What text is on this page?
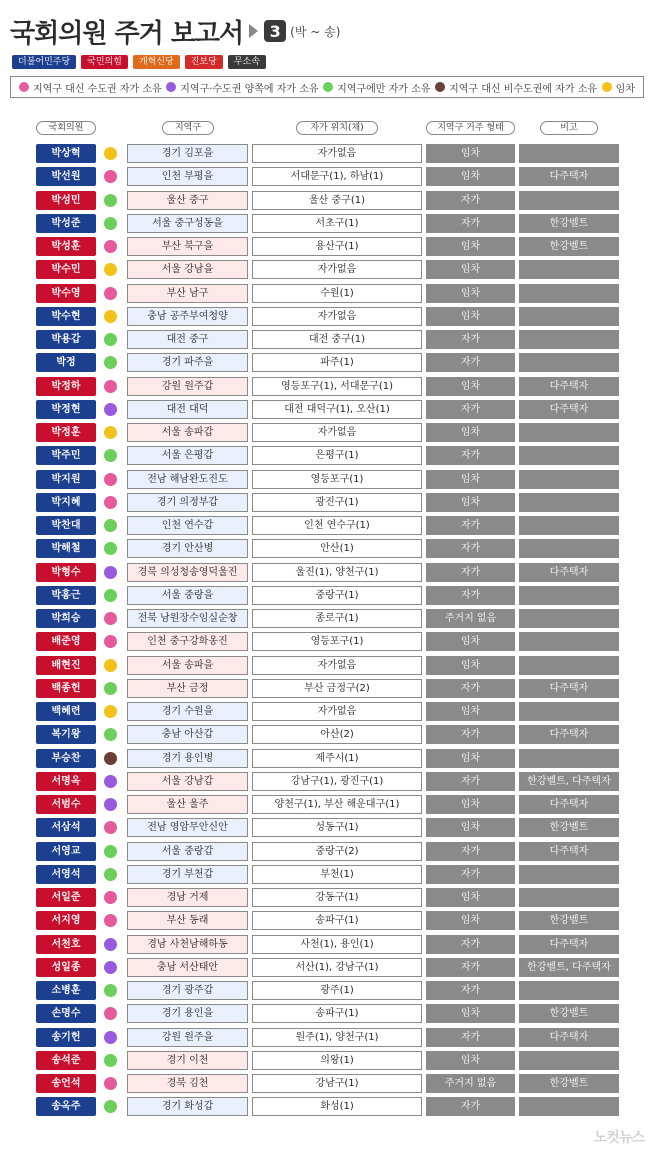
국회의원 주거 보고서	3 (박 ~ 송)
더불어민주당	국민의힘	개혁신당	진보당	무소속
지역구 대신 수도권 자가 소유 지역구·수도권 양쪽에 자가 소유 지역구에만 자가 소유 지역구 대신 비수도권에 자가 소유 임차
국회의원	지역구	자가 위치(채)	지역구 거주 형태	비고
박상혁	경기 김포을	자가없음	임차
박선원	인천 부평을	서대문구(1), 하남(1)	임차	다주택자
박성민	울산 중구	울산 중구(1)	자가
박성준	서울 중구성동을	서초구(1)	자가	한강벨트
박성훈	부산 북구을	용산구(1)	임차	한강벨트
박수민	서울 강남을	자가없음	임차
박수영	부산 남구	수원(1)	임차
박수현	충남 공주부여청양	자가없음	임차
박용갑	대전 중구	대전 중구(1)	자가
박정	경기 파주을	파주(1)	자가
박정하	강원 원주갑	영등포구(1), 서대문구(1)	임차	다주택자
박정현	대전 대덕	대전 대덕구(1), 오산(1)	자가	다주택자
박정훈	서울 송파갑	자가없음	임차
박주민	서울 은평갑	은평구(1)	자가
박지원	전남 해남완도진도	영등포구(1)	임차
박지혜	경기 의정부갑	광진구(1)	임차
박찬대	인천 연수갑	인천 연수구(1)	자가
박해철	경기 안산병	안산(1)	자가
박형수	경북 의성청송영덕울진	울진(1), 양천구(1)	자가	다주택자
박홍근	서울 중랑을	중랑구(1)	자가
박희승	전북 남원장수임실순창	종로구(1)	주거지 없음
배준영	인천 중구강화옹진	영등포구(1)	임차
배현진	서울 송파을	자가없음	임차
백종헌	부산 금정	부산 금정구(2)	자가	다주택자
백혜련	경기 수원을	자가없음	임차
복기왕	충남 아산갑	아산(2)	자가	다주택자
부승찬	경기 용인병	제주시(1)	임차
서명옥	서울 강남갑	강남구(1), 광진구(1)	자가	한강벨트, 다주택자
서범수	울산 울주	양천구(1), 부산 해운대구(1)	임차	다주택자
서삼석	전남 영암무안신안	성동구(1)	임차	한강벨트
서영교	서울 중랑갑	중랑구(2)	자가	다주택자
서영석	경기 부천갑	부천(1)	자가
서일준	경남 거제	강동구(1)	임차
서지영	부산 동래	송파구(1)	임차	한강벨트
서천호	경남 사천남해하동	사천(1), 용인(1)	자가	다주택자
성일종	충남 서산태안	서산(1), 강남구(1)	자가	한강벨트, 다주택자
소병훈	경기 광주갑	광주(1)	자가
손명수	경기 용인을	송파구(1)	임차	한강벨트
송기헌	강원 원주을	원주(1), 양천구(1)	자가	다주택자
송석준	경기 이천	의왕(1)	임차
송언석	경북 김천	강남구(1)	주거지 없음	한강벨트
송옥주	경기 화성갑	화성(1)	자가
노컷뉴스
